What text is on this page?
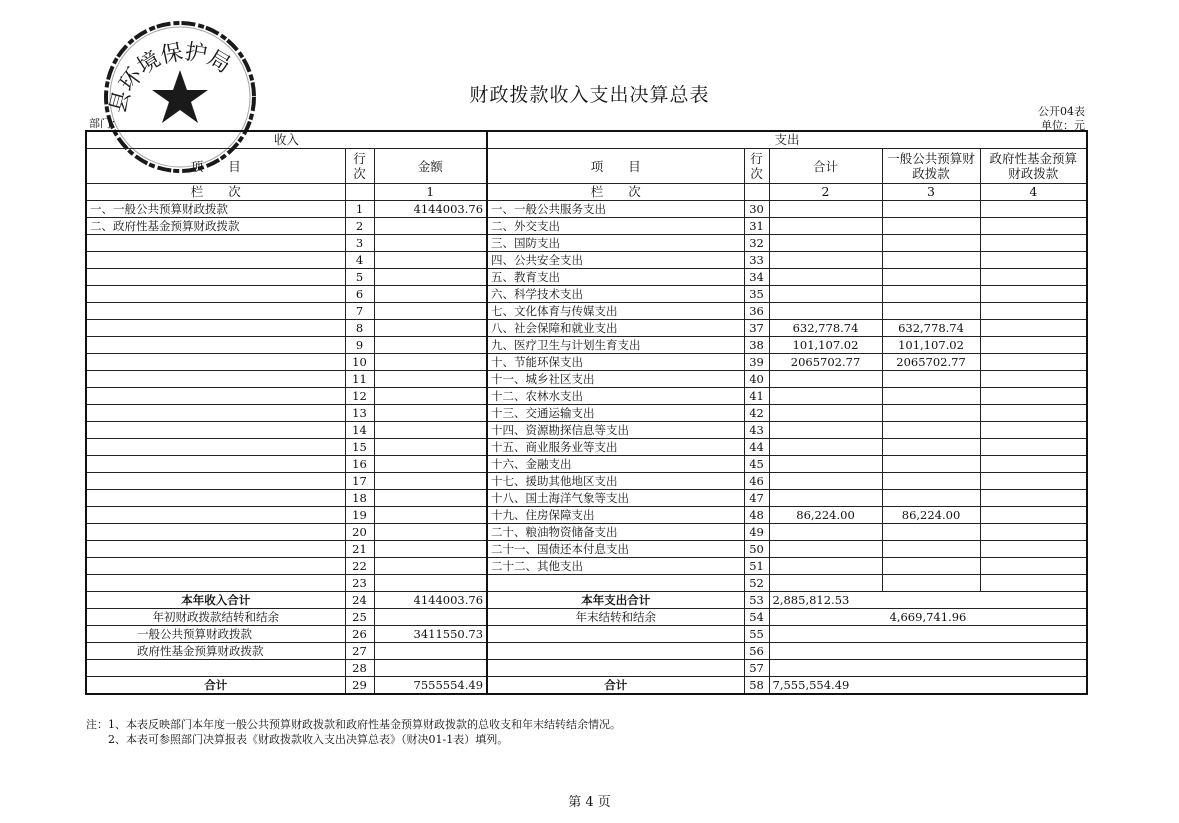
县环境保护局
财政拨款收入支出决算总表
公开04表
单位：元
部门：
收入			支出				
项　　目	行次	金额	项　　目	行次	合计	一般公共预算财政拨款	政府性基金预算财政拨款
栏　　次		1	栏　　次		2	3	4
一、一般公共预算财政拨款	1	4144003.76	一、一般公共服务支出	30			
二、政府性基金预算财政拨款	2		二、外交支出	31			
	3		三、国防支出	32			
	4		四、公共安全支出	33			
	5		五、教育支出	34			
	6		六、科学技术支出	35			
	7		七、文化体育与传媒支出	36			
	8		八、社会保障和就业支出	37	632,778.74	632,778.74	
	9		九、医疗卫生与计划生育支出	38	101,107.02	101,107.02	
	10		十、节能环保支出	39	2065702.77	2065702.77	
	11		十一、城乡社区支出	40			
	12		十二、农林水支出	41			
	13		十三、交通运输支出	42			
	14		十四、资源勘探信息等支出	43			
	15		十五、商业服务业等支出	44			
	16		十六、金融支出	45			
	17		十七、援助其他地区支出	46			
	18		十八、国土海洋气象等支出	47			
	19		十九、住房保障支出	48	86,224.00	86,224.00	
	20		二十、粮油物资储备支出	49			
	21		二十一、国债还本付息支出	50			
	22		二十二、其他支出	51			
	23			52			
本年收入合计	24	4144003.76	本年支出合计	53	2,885,812.53		
年初财政拨款结转和结余	25		年末结转和结余	54	4,669,741.96		
一般公共预算财政拨款	26	3411550.73		55			
政府性基金预算财政拨款	27			56			
	28			57			
合计	29	7555554.49	合计	58	7,555,554.49		
注：1、本表反映部门本年度一般公共预算财政拨款和政府性基金预算财政拨款的总收支和年末结转结余情况。
　　2、本表可参照部门决算报表《财政拨款收入支出决算总表》（财决01-1表）填列。
第 4 页
